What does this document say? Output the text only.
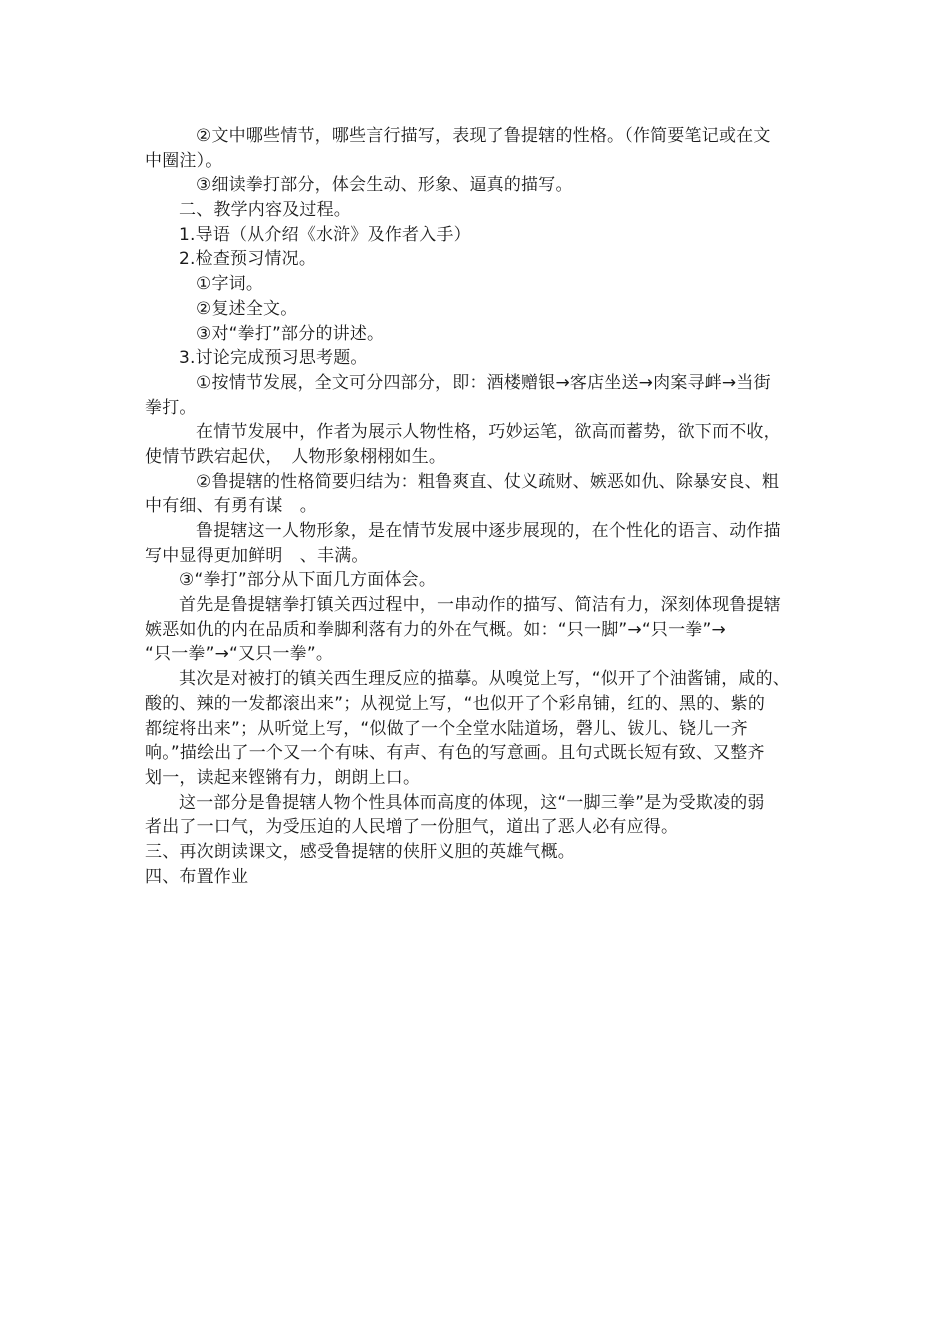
②文中哪些情节，哪些言行描写，表现了鲁提辖的性格。（作简要笔记或在文
中圈注）。
③细读拳打部分，体会生动、形象、逼真的描写。
二、教学内容及过程。
1.导语（从介绍《水浒》及作者入手）
2.检查预习情况。
①字词。
②复述全文。
③对“拳打”部分的讲述。
3.讨论完成预习思考题。
①按情节发展，全文可分四部分，即：酒楼赠银→客店坐送→肉案寻衅→当街
拳打。
在情节发展中，作者为展示人物性格，巧妙运笔，欲高而蓄势，欲下而不收，
使情节跌宕起伏，　人物形象栩栩如生。
②鲁提辖的性格简要归结为：粗鲁爽直、仗义疏财、嫉恶如仇、除暴安良、粗
中有细、有勇有谋　。
鲁提辖这一人物形象，是在情节发展中逐步展现的，在个性化的语言、动作描
写中显得更加鲜明　、丰满。
③“拳打”部分从下面几方面体会。
首先是鲁提辖拳打镇关西过程中，一串动作的描写、简洁有力，深刻体现鲁提辖
嫉恶如仇的内在品质和拳脚利落有力的外在气概。如：“只一脚”→“只一拳”→
“只一拳”→“又只一拳”。
其次是对被打的镇关西生理反应的描摹。从嗅觉上写，“似开了个油酱铺，咸的、
酸的、辣的一发都滚出来”；从视觉上写，“也似开了个彩帛铺，红的、黑的、紫的
都绽将出来”；从听觉上写，“似做了一个全堂水陆道场，磬儿、钹儿、铙儿一齐
响。”描绘出了一个又一个有味、有声、有色的写意画。且句式既长短有致、又整齐
划一，读起来铿锵有力，朗朗上口。
这一部分是鲁提辖人物个性具体而高度的体现，这“一脚三拳”是为受欺凌的弱
者出了一口气，为受压迫的人民增了一份胆气，道出了恶人必有应得。
三、再次朗读课文，感受鲁提辖的侠肝义胆的英雄气概。
四、布置作业
